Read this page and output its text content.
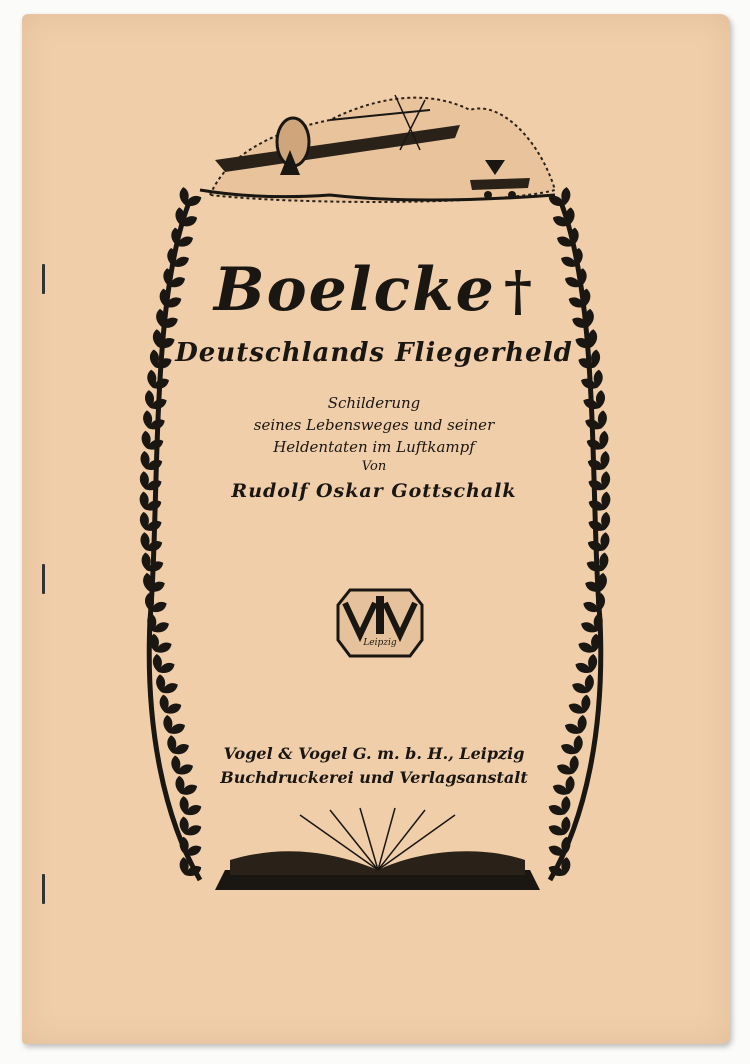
Boelcke †
Deutschlands Fliegerheld
Schilderung
seines Lebensweges und seiner
Heldentaten im Luftkampf
Von
Rudolf Oskar Gottschalk
Leipzig
Vogel & Vogel G. m. b. H., Leipzig
Buchdruckerei und Verlagsanstalt
